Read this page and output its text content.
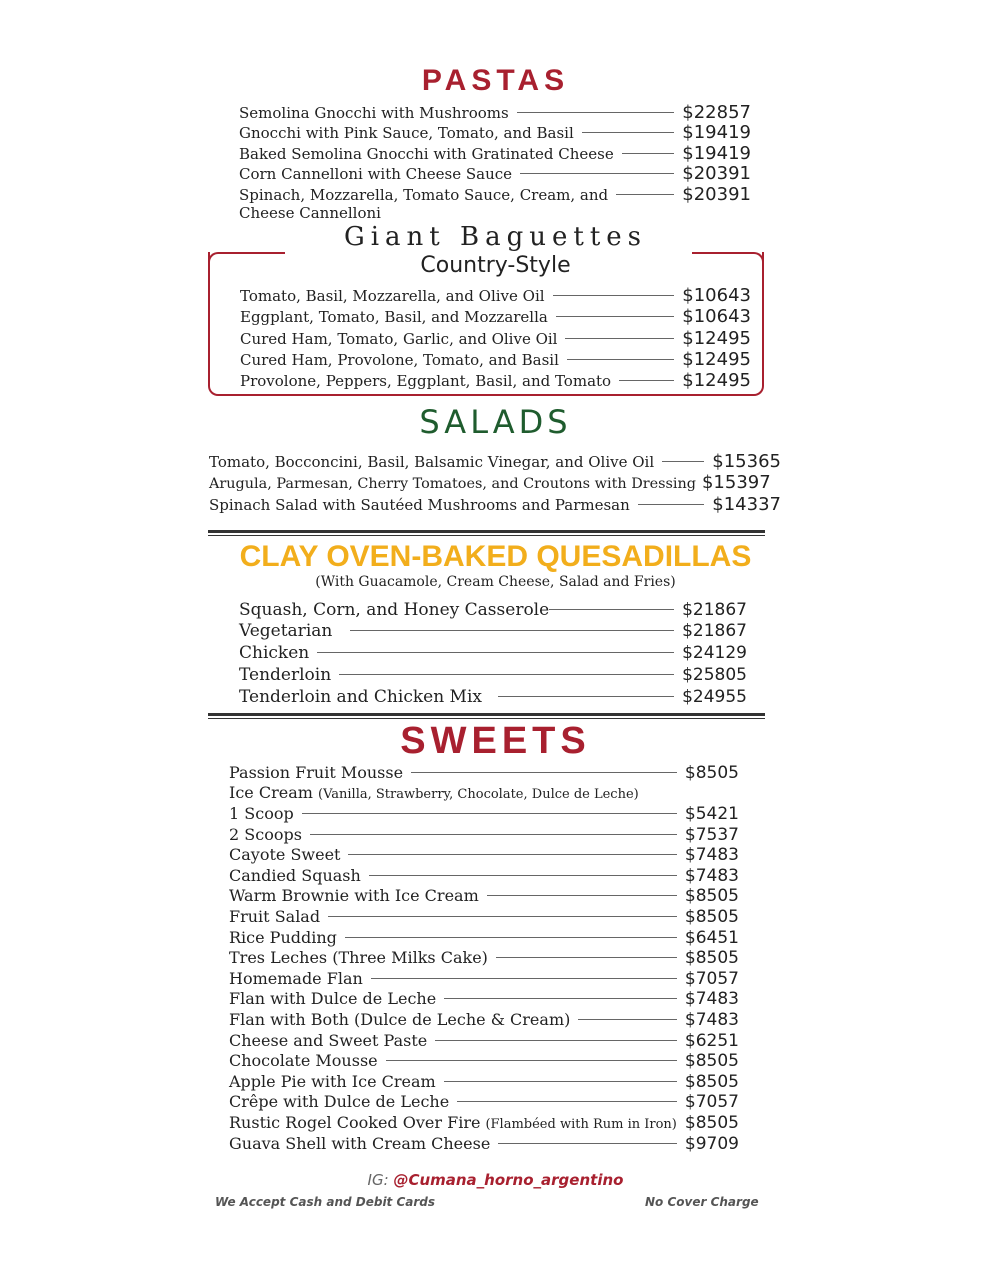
PASTAS
Semolina Gnocchi with Mushrooms	$22857
Gnocchi with Pink Sauce, Tomato, and Basil	$19419
Baked Semolina Gnocchi with Gratinated Cheese	$19419
Corn Cannelloni with Cheese Sauce	$20391
Spinach, Mozzarella, Tomato Sauce, Cream, and	$20391
Cheese Cannelloni
Giant Baguettes
Country-Style
Tomato, Basil, Mozzarella, and Olive Oil	$10643
Eggplant, Tomato, Basil, and Mozzarella	$10643
Cured Ham, Tomato, Garlic, and Olive Oil	$12495
Cured Ham, Provolone, Tomato, and Basil	$12495
Provolone, Peppers, Eggplant, Basil, and Tomato	$12495
SALADS
Tomato, Bocconcini, Basil, Balsamic Vinegar, and Olive Oil	$15365
Arugula, Parmesan, Cherry Tomatoes, and Croutons with Dressing $15397
Spinach Salad with Sautéed Mushrooms and Parmesan	$14337
CLAY OVEN-BAKED QUESADILLAS
(With Guacamole, Cream Cheese, Salad and Fries)
Squash, Corn, and Honey Casserole	$21867
Vegetarian	$21867
Chicken	$24129
Tenderloin	$25805
Tenderloin and Chicken Mix	$24955
SWEETS
Passion Fruit Mousse	$8505
Ice Cream (Vanilla, Strawberry, Chocolate, Dulce de Leche)
1 Scoop	$5421
2 Scoops	$7537
Cayote Sweet	$7483
Candied Squash	$7483
Warm Brownie with Ice Cream	$8505
Fruit Salad	$8505
Rice Pudding	$6451
Tres Leches (Three Milks Cake)	$8505
Homemade Flan	$7057
Flan with Dulce de Leche	$7483
Flan with Both (Dulce de Leche & Cream)	$7483
Cheese and Sweet Paste	$6251
Chocolate Mousse	$8505
Apple Pie with Ice Cream	$8505
Crêpe with Dulce de Leche	$7057
Rustic Rogel Cooked Over Fire (Flambéed with Rum in Iron) $8505
Guava Shell with Cream Cheese	$9709
IG: @Cumana_horno_argentino
We Accept Cash and Debit Cards	No Cover Charge
